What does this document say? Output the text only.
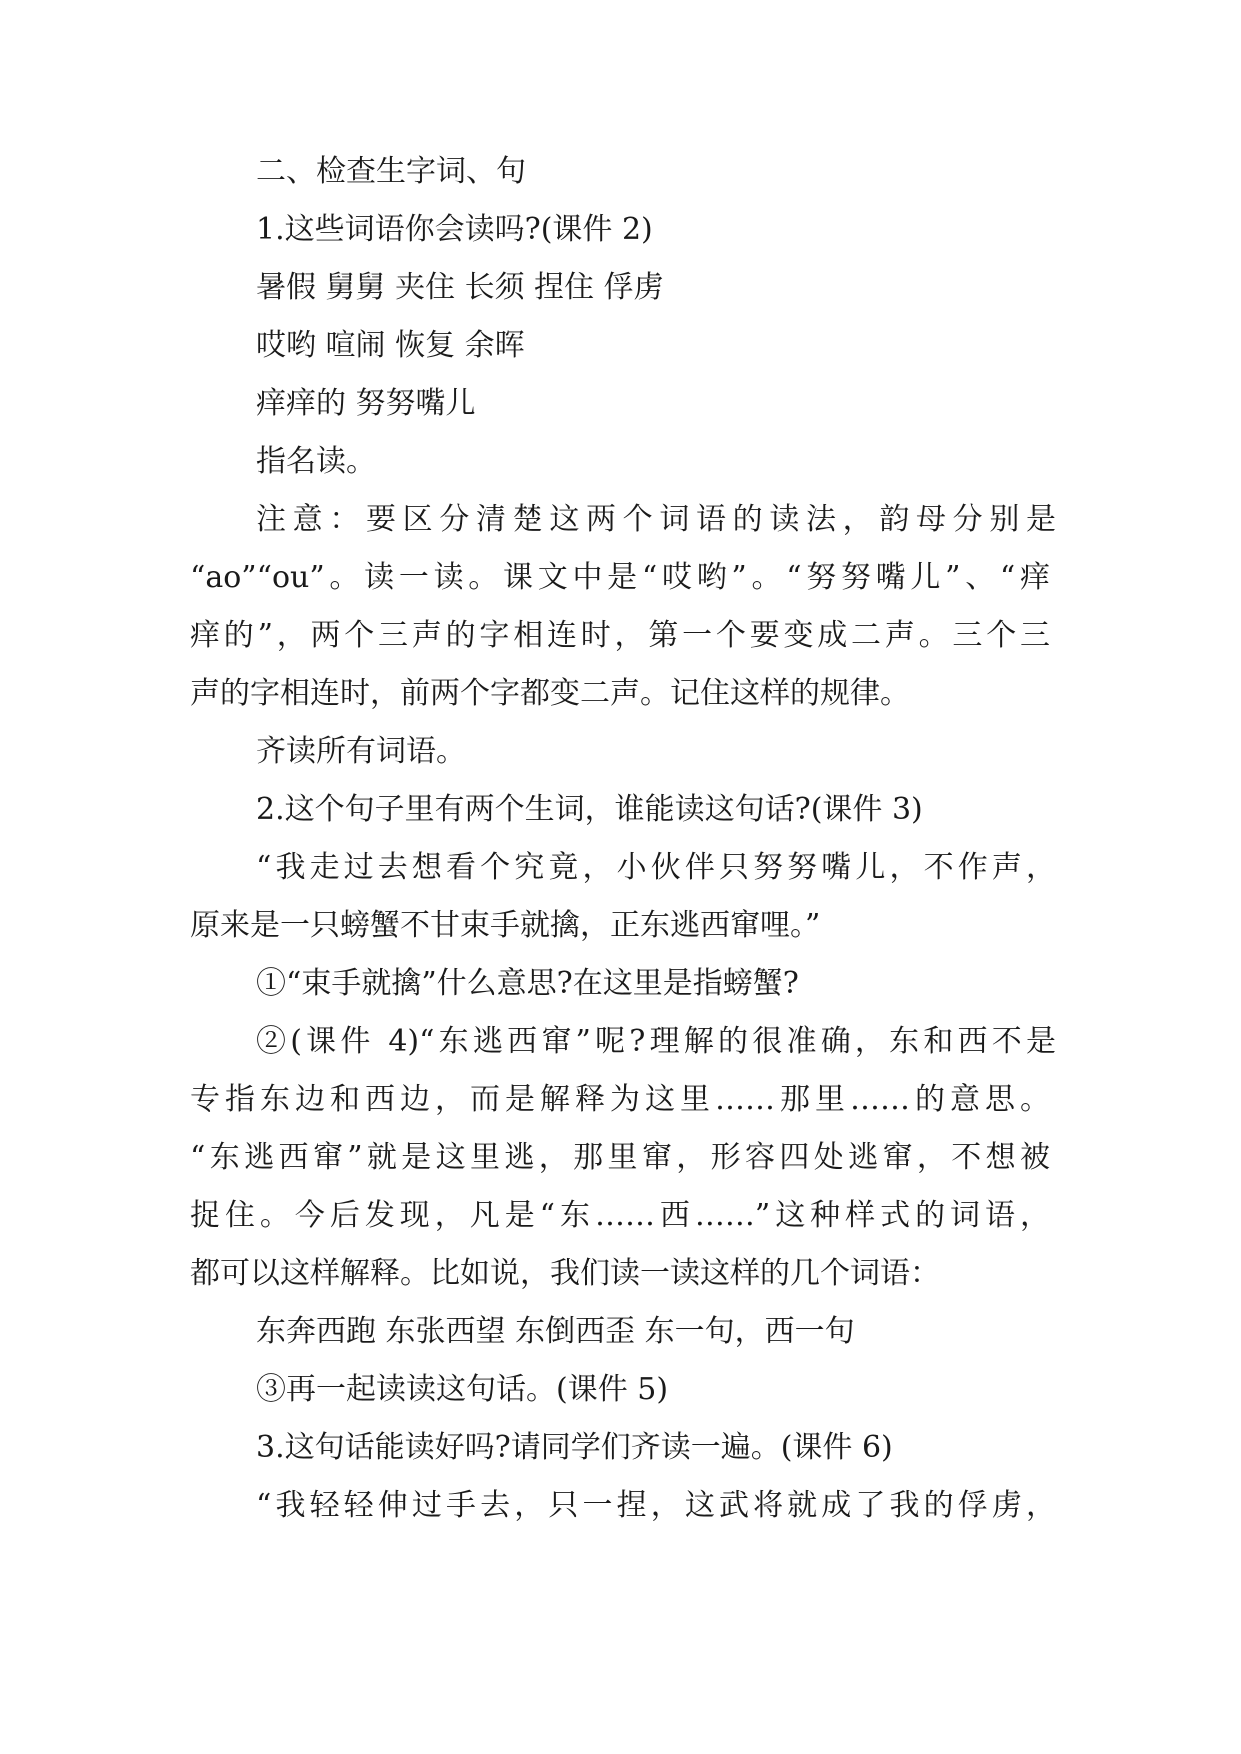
二、检查生字词、句
1.这些词语你会读吗?(课件 2)
暑假 舅舅 夹住 长须 捏住 俘虏
哎哟 喧闹 恢复 余晖
痒痒的 努努嘴儿
指名读。
注意：要区分清楚这两个词语的读法，韵母分别是
“ao”“ou”。读一读。课文中是“哎哟”。“努努嘴儿”、“痒
痒的”，两个三声的字相连时，第一个要变成二声。三个三
声的字相连时，前两个字都变二声。记住这样的规律。
齐读所有词语。
2.这个句子里有两个生词，谁能读这句话?(课件 3)
“我走过去想看个究竟，小伙伴只努努嘴儿，不作声，
原来是一只螃蟹不甘束手就擒，正东逃西窜哩。”
①“束手就擒”什么意思?在这里是指螃蟹?
②(课件 4)“东逃西窜”呢?理解的很准确，东和西不是
专指东边和西边，而是解释为这里……那里……的意思。
“东逃西窜”就是这里逃，那里窜，形容四处逃窜，不想被
捉住。今后发现，凡是“东……西……”这种样式的词语，
都可以这样解释。比如说，我们读一读这样的几个词语：
东奔西跑 东张西望 东倒西歪 东一句，西一句
③再一起读读这句话。(课件 5)
3.这句话能读好吗?请同学们齐读一遍。(课件 6)
“我轻轻伸过手去，只一捏，这武将就成了我的俘虏，
